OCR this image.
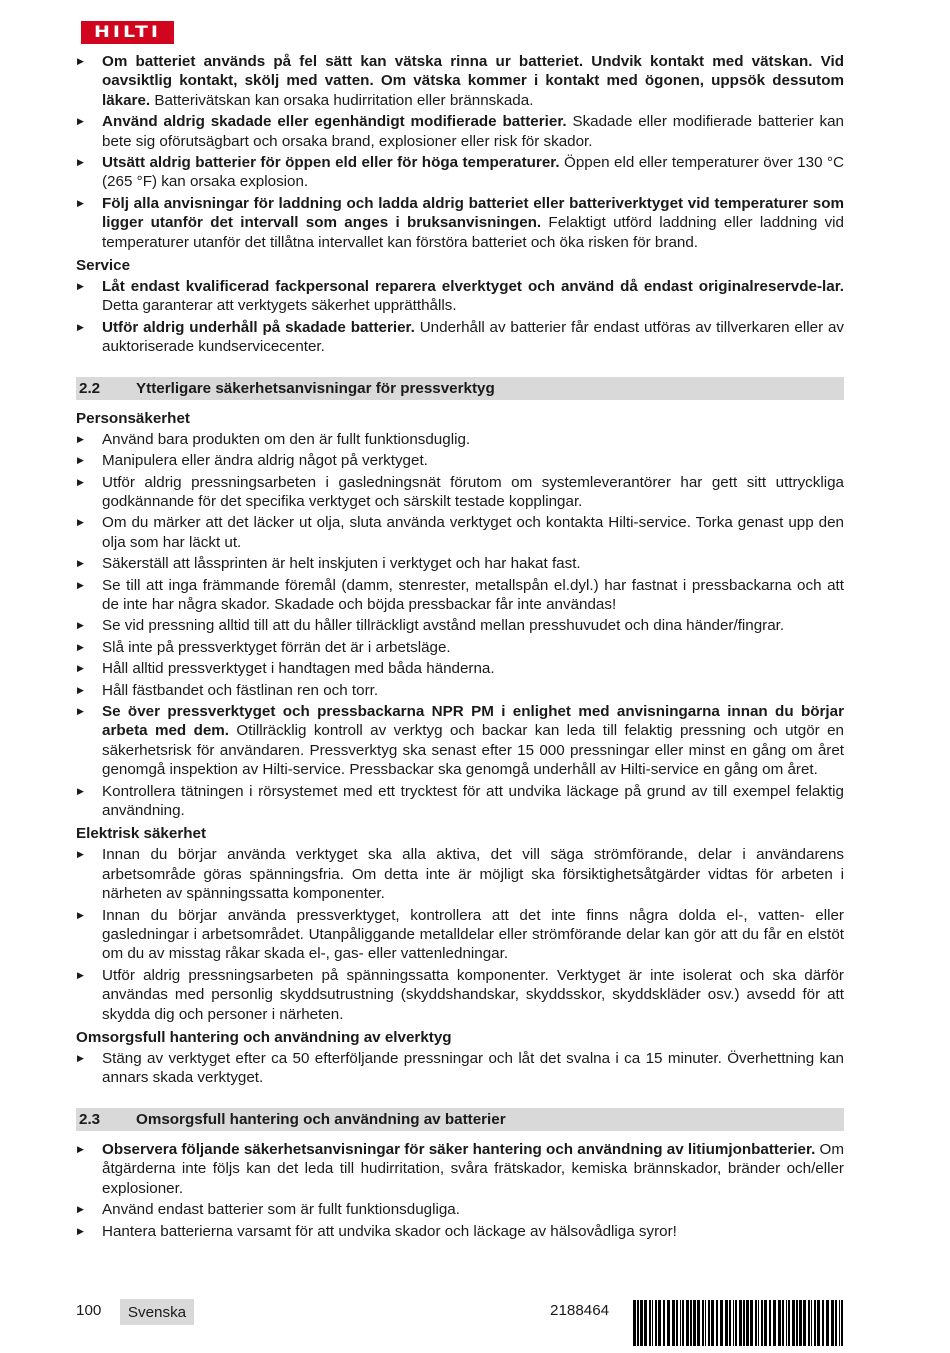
HILTI
▶	Om batteriet används på fel sätt kan vätska rinna ur batteriet. Undvik kontakt med vätskan. Vid oavsiktlig kontakt, skölj med vatten. Om vätska kommer i kontakt med ögonen, uppsök dessutom läkare. Batterivätskan kan orsaka hudirritation eller brännskada.
▶	Använd aldrig skadade eller egenhändigt modifierade batterier. Skadade eller modifierade batterier kan bete sig oförutsägbart och orsaka brand, explosioner eller risk för skador.
▶	Utsätt aldrig batterier för öppen eld eller för höga temperaturer. Öppen eld eller temperaturer över 130 °C (265 °F) kan orsaka explosion.
▶	Följ alla anvisningar för laddning och ladda aldrig batteriet eller batteriverktyget vid temperaturer som ligger utanför det intervall som anges i bruksanvisningen. Felaktigt utförd laddning eller laddning vid temperaturer utanför det tillåtna intervallet kan förstöra batteriet och öka risken för brand.
Service
▶	Låt endast kvalificerad fackpersonal reparera elverktyget och använd då endast originalreservde-lar. Detta garanterar att verktygets säkerhet upprätthålls.
▶	Utför aldrig underhåll på skadade batterier. Underhåll av batterier får endast utföras av tillverkaren eller av auktoriserade kundservicecenter.
2.2	Ytterligare säkerhetsanvisningar för pressverktyg
Personsäkerhet
▶	Använd bara produkten om den är fullt funktionsduglig.
▶	Manipulera eller ändra aldrig något på verktyget.
▶	Utför aldrig pressningsarbeten i gasledningsnät förutom om systemleverantörer har gett sitt uttryckliga godkännande för det specifika verktyget och särskilt testade kopplingar.
▶	Om du märker att det läcker ut olja, sluta använda verktyget och kontakta Hilti-service. Torka genast upp den olja som har läckt ut.
▶	Säkerställ att låssprinten är helt inskjuten i verktyget och har hakat fast.
▶	Se till att inga främmande föremål (damm, stenrester, metallspån el.dyl.) har fastnat i pressbackarna och att de inte har några skador. Skadade och böjda pressbackar får inte användas!
▶	Se vid pressning alltid till att du håller tillräckligt avstånd mellan presshuvudet och dina händer/fingrar.
▶	Slå inte på pressverktyget förrän det är i arbetsläge.
▶	Håll alltid pressverktyget i handtagen med båda händerna.
▶	Håll fästbandet och fästlinan ren och torr.
▶	Se över pressverktyget och pressbackarna NPR PM i enlighet med anvisningarna innan du börjar arbeta med dem. Otillräcklig kontroll av verktyg och backar kan leda till felaktig pressning och utgör en säkerhetsrisk för användaren. Pressverktyg ska senast efter 15 000 pressningar eller minst en gång om året genomgå inspektion av Hilti-service. Pressbackar ska genomgå underhåll av Hilti-service en gång om året.
▶	Kontrollera tätningen i rörsystemet med ett trycktest för att undvika läckage på grund av till exempel felaktig användning.
Elektrisk säkerhet
▶	Innan du börjar använda verktyget ska alla aktiva, det vill säga strömförande, delar i användarens arbetsområde göras spänningsfria. Om detta inte är möjligt ska försiktighetsåtgärder vidtas för arbeten i närheten av spänningssatta komponenter.
▶	Innan du börjar använda pressverktyget, kontrollera att det inte finns några dolda el-, vatten- eller gasledningar i arbetsområdet. Utanpåliggande metalldelar eller strömförande delar kan gör att du får en elstöt om du av misstag råkar skada el-, gas- eller vattenledningar.
▶	Utför aldrig pressningsarbeten på spänningssatta komponenter. Verktyget är inte isolerat och ska därför användas med personlig skyddsutrustning (skyddshandskar, skyddsskor, skyddskläder osv.) avsedd för att skydda dig och personer i närheten.
Omsorgsfull hantering och användning av elverktyg
▶	Stäng av verktyget efter ca 50 efterföljande pressningar och låt det svalna i ca 15 minuter. Överhettning kan annars skada verktyget.
2.3	Omsorgsfull hantering och användning av batterier
▶	Observera följande säkerhetsanvisningar för säker hantering och användning av litiumjonbatterier. Om åtgärderna inte följs kan det leda till hudirritation, svåra frätskador, kemiska brännskador, bränder och/eller explosioner.
▶	Använd endast batterier som är fullt funktionsdugliga.
▶	Hantera batterierna varsamt för att undvika skador och läckage av hälsovådliga syror!
100	Svenska	2188464
